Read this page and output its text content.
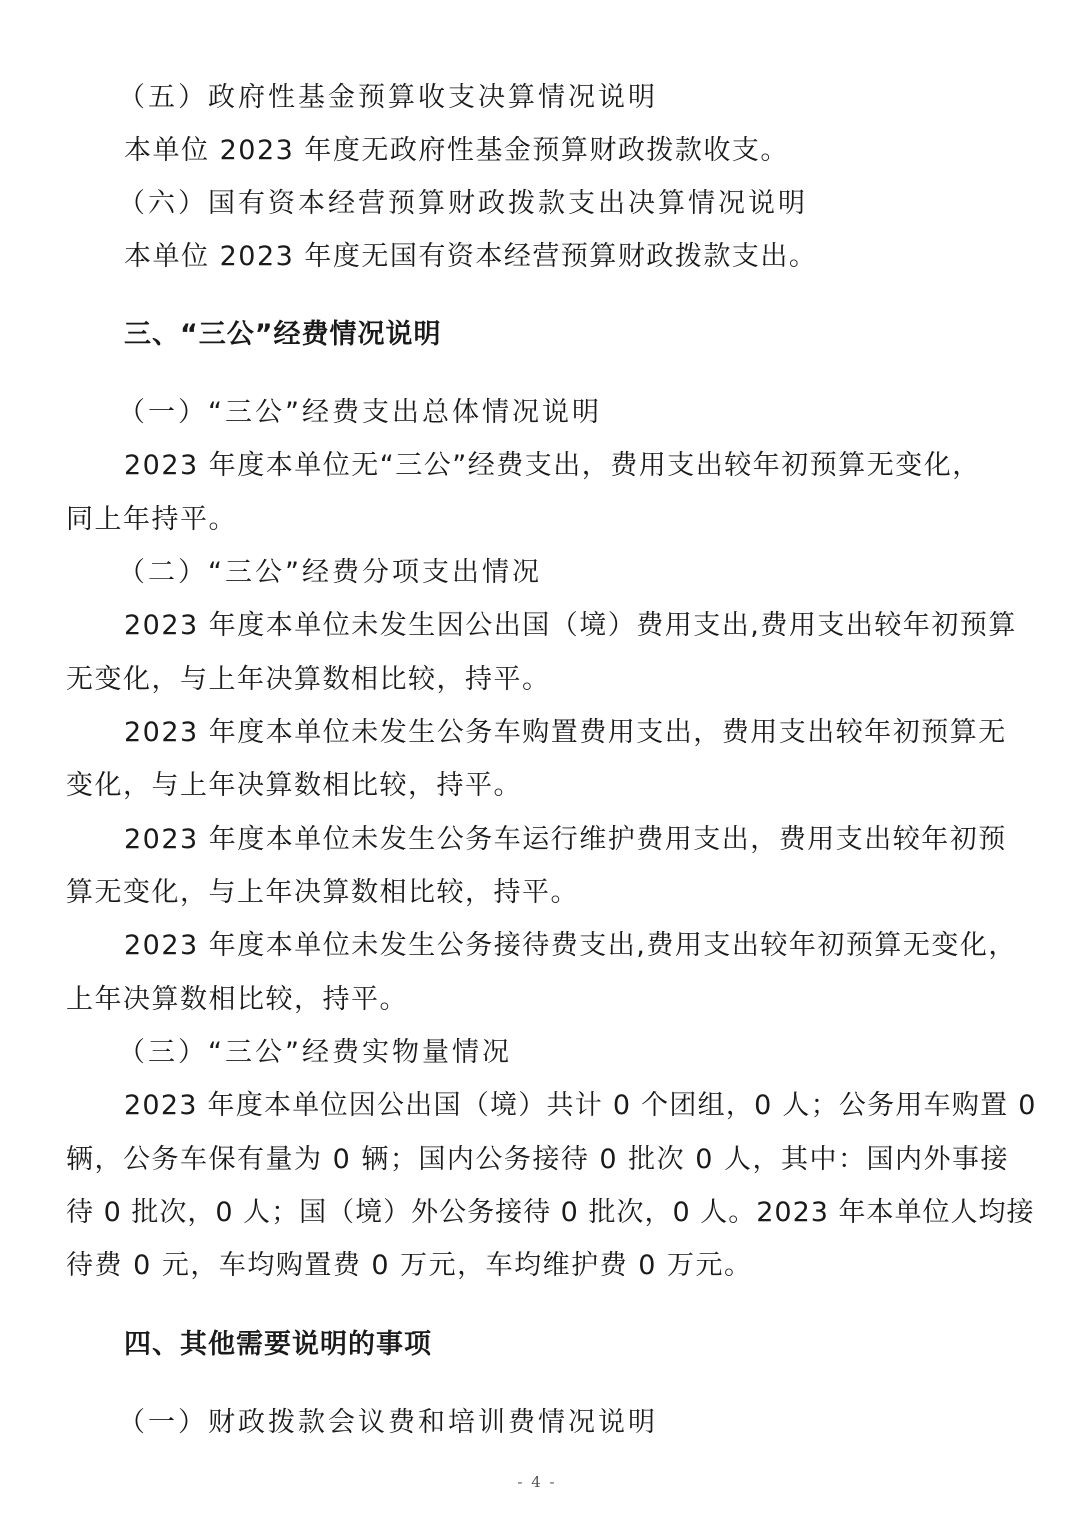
（五）政府性基金预算收支决算情况说明

本单位 2023 年度无政府性基金预算财政拨款收支。

（六）国有资本经营预算财政拨款支出决算情况说明

本单位 2023 年度无国有资本经营预算财政拨款支出。

三、“三公”经费情况说明

（一）“三公”经费支出总体情况说明

2023 年度本单位无“三公”经费支出，费用支出较年初预算无变化，

同上年持平。

（二）“三公”经费分项支出情况

2023 年度本单位未发生因公出国（境）费用支出,费用支出较年初预算

无变化，与上年决算数相比较，持平。

2023 年度本单位未发生公务车购置费用支出，费用支出较年初预算无

变化，与上年决算数相比较，持平。

2023 年度本单位未发生公务车运行维护费用支出，费用支出较年初预

算无变化，与上年决算数相比较，持平。

2023 年度本单位未发生公务接待费支出,费用支出较年初预算无变化，

上年决算数相比较，持平。

（三）“三公”经费实物量情况

2023 年度本单位因公出国（境）共计 0 个团组，0 人；公务用车购置 0

辆，公务车保有量为 0 辆；国内公务接待 0 批次 0 人，其中：国内外事接

待 0 批次，0 人；国（境）外公务接待 0 批次，0 人。2023 年本单位人均接

待费 0 元，车均购置费 0 万元，车均维护费 0 万元。

四、其他需要说明的事项

（一）财政拨款会议费和培训费情况说明

- 4 -
